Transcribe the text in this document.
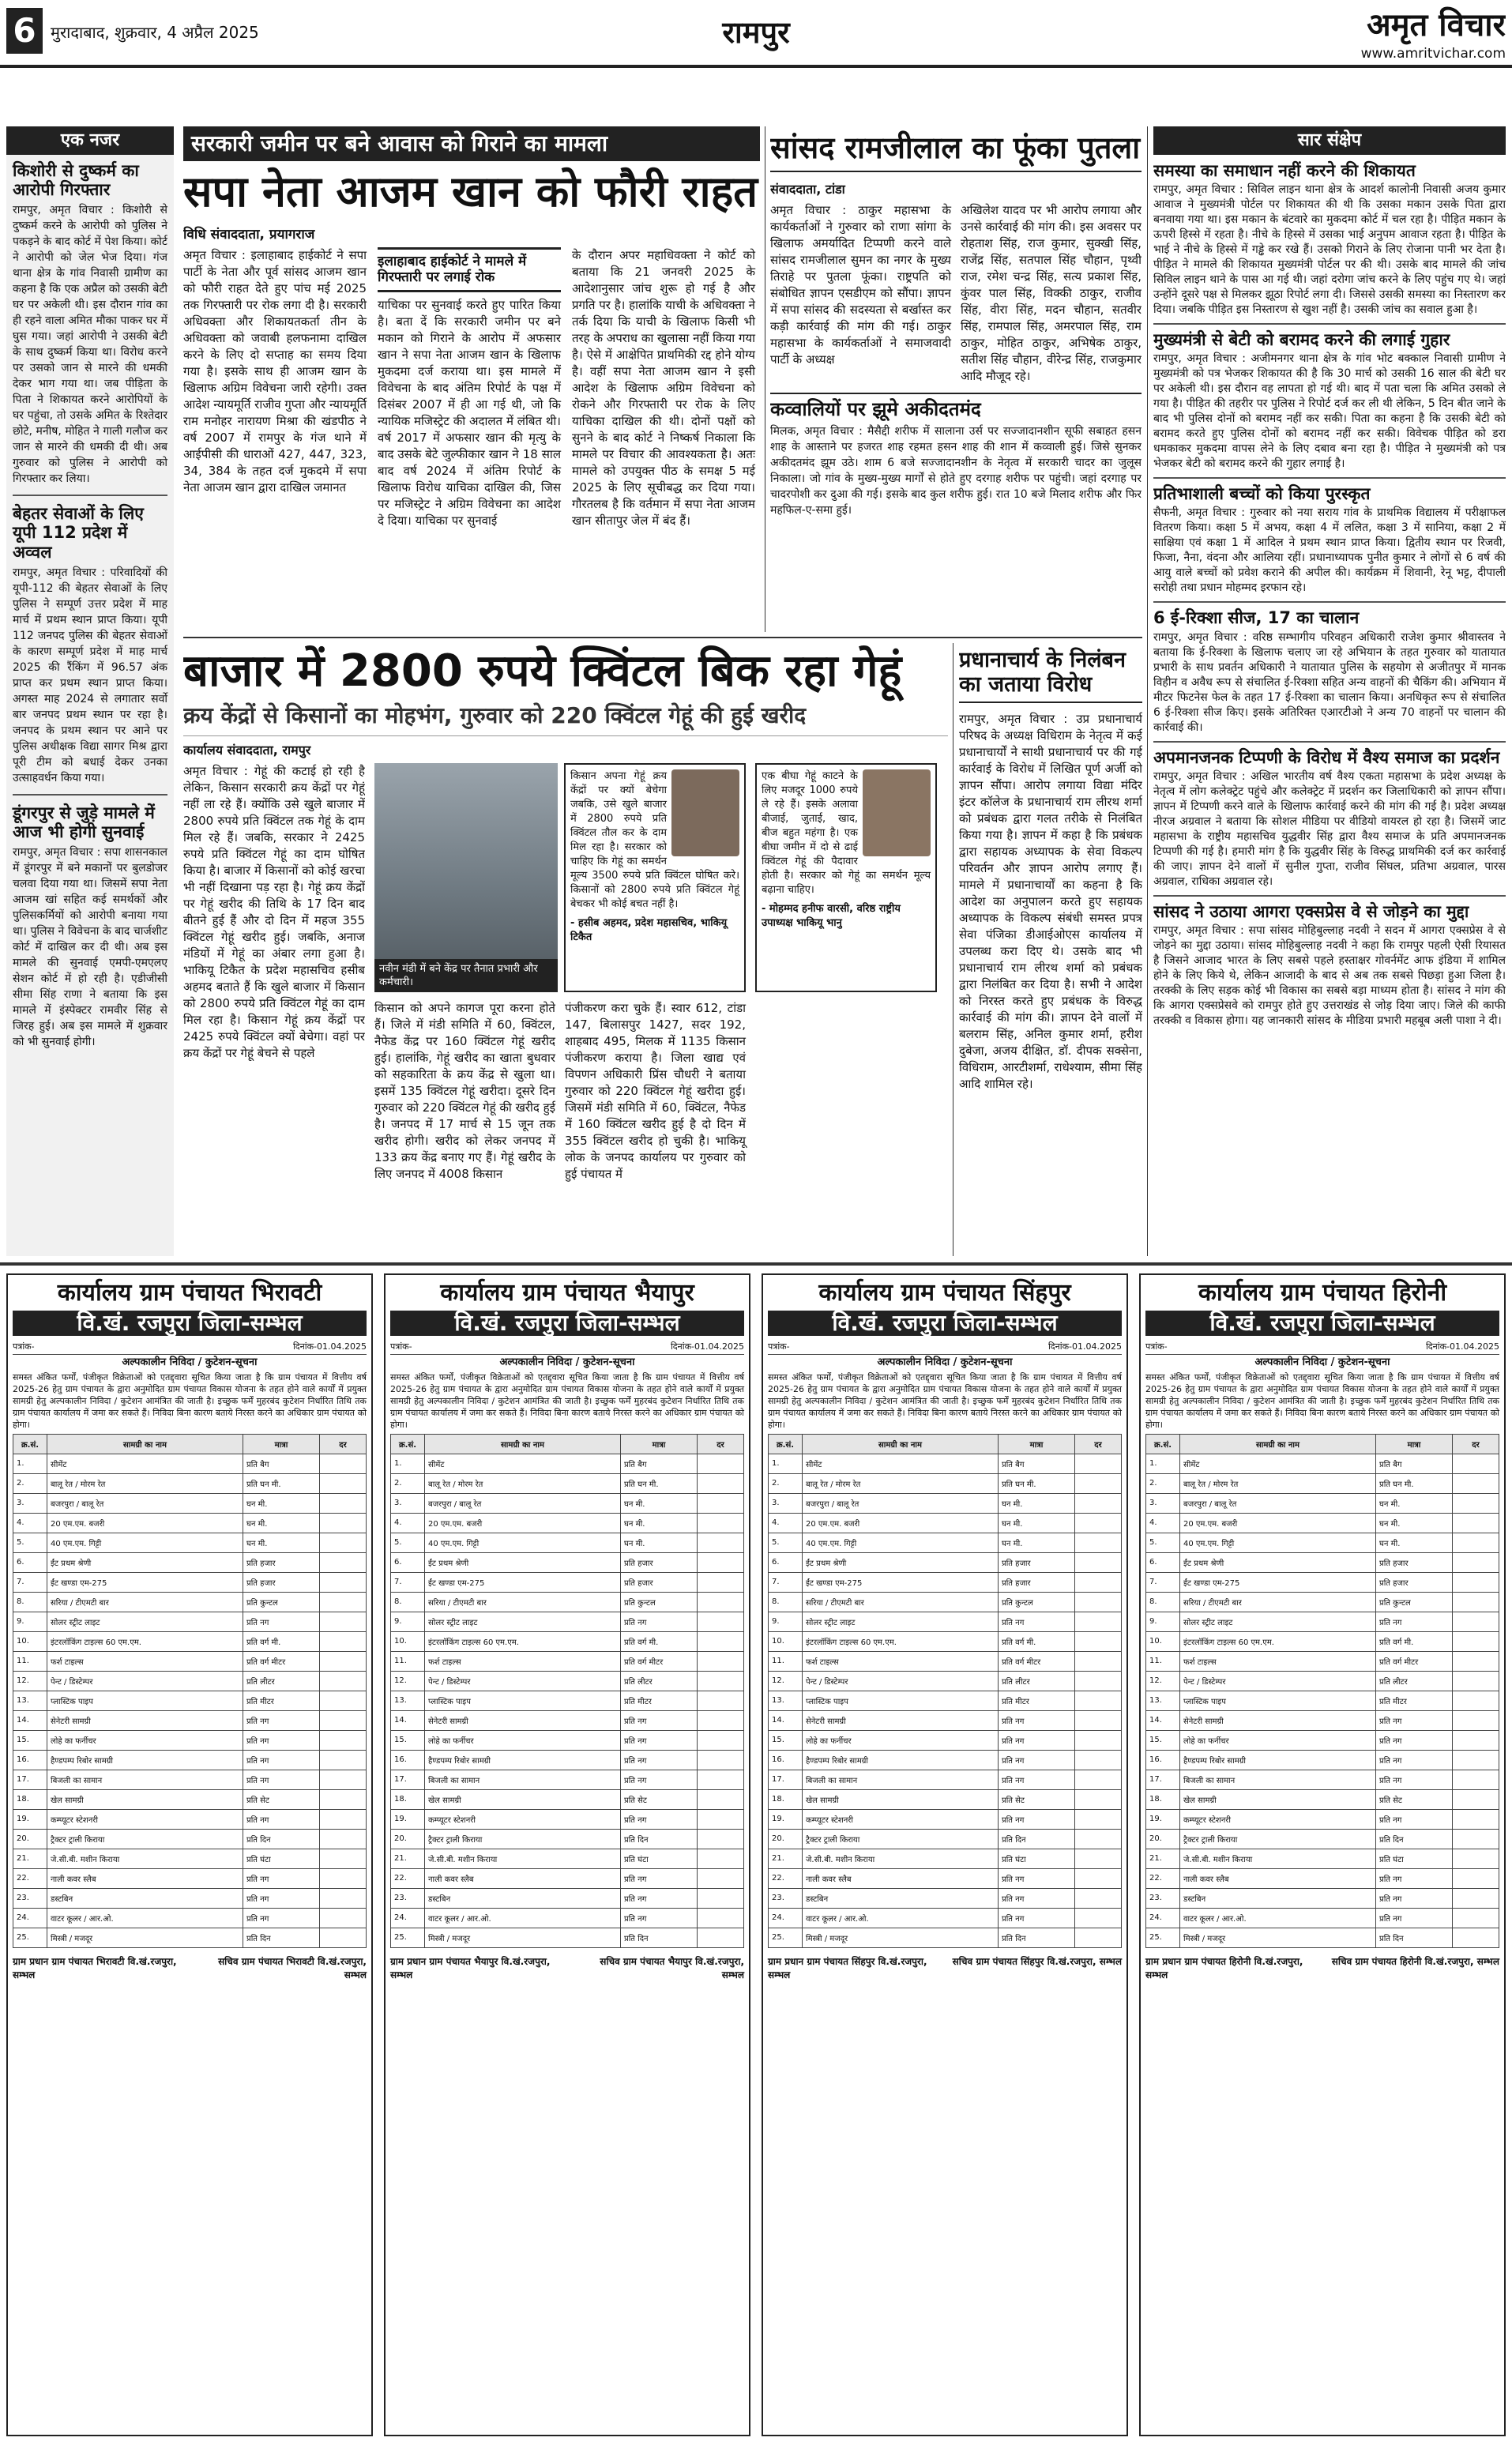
6 मुरादाबाद, शुक्रवार, 4 अप्रैल 2025	रामपुर	अमृत विचार
www.amritvichar.com
एक नजर
किशोरी से दुष्कर्म का आरोपी गिरफ्तार
रामपुर, अमृत विचार : किशोरी से दुष्कर्म करने के आरोपी को पुलिस ने पकड़ने के बाद कोर्ट में पेश किया। कोर्ट ने आरोपी को जेल भेज दिया। गंज थाना क्षेत्र के गांव निवासी ग्रामीण का कहना है कि एक अप्रैल को उसकी बेटी घर पर अकेली थी। इस दौरान गांव का ही रहने वाला अमित मौका पाकर घर में घुस गया। जहां आरोपी ने उसकी बेटी के साथ दुष्कर्म किया था। विरोध करने पर उसको जान से मारने की धमकी देकर भाग गया था। जब पीड़िता के पिता ने शिकायत करने आरोपियों के घर पहुंचा, तो उसके अमित के रिश्तेदार छोटे, मनीष, मोहित ने गाली गलौज कर जान से मारने की धमकी दी थी। अब गुरुवार को पुलिस ने आरोपी को गिरफ्तार कर लिया।
बेहतर सेवाओं के लिए यूपी 112 प्रदेश में अव्वल
रामपुर, अमृत विचार : परिवादियों की यूपी-112 की बेहतर सेवाओं के लिए पुलिस ने सम्पूर्ण उत्तर प्रदेश में माह मार्च में प्रथम स्थान प्राप्त किया। यूपी 112 जनपद पुलिस की बेहतर सेवाओं के कारण सम्पूर्ण प्रदेश में माह मार्च 2025 की रैंकिंग में 96.57 अंक प्राप्त कर प्रथम स्थान प्राप्त किया। अगस्त माह 2024 से लगातार सर्वो बार जनपद प्रथम स्थान पर रहा है। जनपद के प्रथम स्थान पर आने पर पुलिस अधीक्षक विद्या सागर मिश्र द्वारा पूरी टीम को बधाई देकर उनका उत्साहवर्धन किया गया।
डूंगरपुर से जुड़े मामले में आज भी होगी सुनवाई
रामपुर, अमृत विचार : सपा शासनकाल में डूंगरपुर में बने मकानों पर बुलडोजर चलवा दिया गया था। जिसमें सपा नेता आजम खां सहित कई समर्थकों और पुलिसकर्मियों को आरोपी बनाया गया था। पुलिस ने विवेचना के बाद चार्जशीट कोर्ट में दाखिल कर दी थी। अब इस मामले की सुनवाई एमपी-एमएलए सेशन कोर्ट में हो रही है। एडीजीसी सीमा सिंह राणा ने बताया कि इस मामले में इंस्पेक्टर रामवीर सिंह से जिरह हुई। अब इस मामले में शुक्रवार को भी सुनवाई होगी।
सरकारी जमीन पर बने आवास को गिराने का मामला
सपा नेता आजम खान को फौरी राहत
विधि संवाददाता, प्रयागराज
अमृत विचार : इलाहाबाद हाईकोर्ट ने सपा पार्टी के नेता और पूर्व सांसद आजम खान को फौरी राहत देते हुए पांच मई 2025 तक गिरफ्तारी पर रोक लगा दी है। सरकारी अधिवक्ता और शिकायतकर्ता तीन के अधिवक्ता को जवाबी हलफनामा दाखिल करने के लिए दो सप्ताह का समय दिया गया है। इसके साथ ही आजम खान के खिलाफ अग्रिम विवेचना जारी रहेगी। उक्त आदेश न्यायमूर्ति राजीव गुप्ता और न्यायमूर्ति राम मनोहर नारायण मिश्रा की खंडपीठ ने वर्ष 2007 में रामपुर के गंज थाने में आईपीसी की धाराओं 427, 447, 323, 34, 384 के तहत दर्ज मुकदमे में सपा नेता आजम खान द्वारा दाखिल जमानत
इलाहाबाद हाईकोर्ट ने मामले में गिरफ्तारी पर लगाई रोक
याचिका पर सुनवाई करते हुए पारित किया है। बता दें कि सरकारी जमीन पर बने मकान को गिराने के आरोप में अफसार खान ने सपा नेता आजम खान के खिलाफ मुकदमा दर्ज कराया था। इस मामले में विवेचना के बाद अंतिम रिपोर्ट के पक्ष में दिसंबर 2007 में ही आ गई थी, जो कि न्यायिक मजिस्ट्रेट की अदालत में लंबित थी। वर्ष 2017 में अफसार खान की मृत्यु के बाद उसके बेटे जुल्फीकार खान ने 18 साल बाद वर्ष 2024 में अंतिम रिपोर्ट के खिलाफ विरोध याचिका दाखिल की, जिस पर मजिस्ट्रेट ने अग्रिम विवेचना का आदेश दे दिया। याचिका पर सुनवाई
के दौरान अपर महाधिवक्ता ने कोर्ट को बताया कि 21 जनवरी 2025 के आदेशानुसार जांच शुरू हो गई है और प्रगति पर है। हालांकि याची के अधिवक्ता ने तर्क दिया कि याची के खिलाफ किसी भी तरह के अपराध का खुलासा नहीं किया गया है। ऐसे में आक्षेपित प्राथमिकी रद्द होने योग्य है। वहीं सपा नेता आजम खान ने इसी आदेश के खिलाफ अग्रिम विवेचना को रोकने और गिरफ्तारी पर रोक के लिए याचिका दाखिल की थी। दोनों पक्षों को सुनने के बाद कोर्ट ने निष्कर्ष निकाला कि मामले पर विचार की आवश्यकता है। अतः मामले को उपयुक्त पीठ के समक्ष 5 मई 2025 के लिए सूचीबद्ध कर दिया गया। गौरतलब है कि वर्तमान में सपा नेता आजम खान सीतापुर जेल में बंद हैं।
सांसद रामजीलाल का फूंका पुतला
संवाददाता, टांडा
अमृत विचार : ठाकुर महासभा के कार्यकर्ताओं ने गुरुवार को राणा सांगा के खिलाफ अमर्यादित टिप्पणी करने वाले सांसद रामजीलाल सुमन का नगर के मुख्य तिराहे पर पुतला फूंका। राष्ट्रपति को संबोधित ज्ञापन एसडीएम को सौंपा। ज्ञापन में सपा सांसद की सदस्यता से बर्खास्त कर कड़ी कार्रवाई की मांग की गई। ठाकुर महासभा के कार्यकर्ताओं ने समाजवादी पार्टी के अध्यक्ष
अखिलेश यादव पर भी आरोप लगाया और उनसे कार्रवाई की मांग की। इस अवसर पर रोहताश सिंह, राज कुमार, सुक्खी सिंह, राजेंद्र सिंह, सतपाल सिंह चौहान, पृथ्वी राज, रमेश चन्द्र सिंह, सत्य प्रकाश सिंह, कुंवर पाल सिंह, विक्की ठाकुर, राजीव सिंह, वीरा सिंह, मदन चौहान, सतवीर सिंह, रामपाल सिंह, अमरपाल सिंह, राम ठाकुर, मोहित ठाकुर, अभिषेक ठाकुर, सतीश सिंह चौहान, वीरेन्द्र सिंह, राजकुमार आदि मौजूद रहे।
कव्वालियों पर झूमे अकीदतमंद
मिलक, अमृत विचार : मैसैद्दी शरीफ में सालाना उर्स पर सज्जादानशीन सूफी सबाहत हसन शाह के आस्ताने पर हजरत शाह रहमत हसन शाह की शान में कव्वाली हुई। जिसे सुनकर अकीदतमंद झूम उठे। शाम 6 बजे सज्जादानशीन के नेतृत्व में सरकारी चादर का जुलूस निकाला। जो गांव के मुख्य-मुख्य मार्गों से होते हुए दरगाह शरीफ पर पहुंची। जहां दरगाह पर चादरपोशी कर दुआ की गई। इसके बाद कुल शरीफ हुई। रात 10 बजे मिलाद शरीफ और फिर महफिल-ए-समा हुई।
सार संक्षेप
समस्या का समाधान नहीं करने की शिकायत
रामपुर, अमृत विचार : सिविल लाइन थाना क्षेत्र के आदर्श कालोनी निवासी अजय कुमार आवाज ने मुख्यमंत्री पोर्टल पर शिकायत की थी कि उसका मकान उसके पिता द्वारा बनवाया गया था। इस मकान के बंटवारे का मुकदमा कोर्ट में चल रहा है। पीड़ित मकान के ऊपरी हिस्से में रहता है। नीचे के हिस्से में उसका भाई अनुपम आवाज रहता है। पीड़ित के भाई ने नीचे के हिस्से में गड्ढे कर रखे हैं। उसको गिराने के लिए रोजाना पानी भर देता है। पीड़ित ने मामले की शिकायत मुख्यमंत्री पोर्टल पर की थी। उसके बाद मामले की जांच सिविल लाइन थाने के पास आ गई थी। जहां दरोगा जांच करने के लिए पहुंच गए थे। जहां उन्होंने दूसरे पक्ष से मिलकर झूठा रिपोर्ट लगा दी। जिससे उसकी समस्या का निस्तारण कर दिया। जबकि पीड़ित इस निस्तारण से खुश नहीं है। उसकी जांच का सवाल हुआ है।
मुख्यमंत्री से बेटी को बरामद करने की लगाई गुहार
रामपुर, अमृत विचार : अजीमनगर थाना क्षेत्र के गांव भोट बक्काल निवासी ग्रामीण ने मुख्यमंत्री को पत्र भेजकर शिकायत की है कि 30 मार्च को उसकी 16 साल की बेटी घर पर अकेली थी। इस दौरान वह लापता हो गई थी। बाद में पता चला कि अमित उसको ले गया है। पीड़ित की तहरीर पर पुलिस ने रिपोर्ट दर्ज कर ली थी लेकिन, 5 दिन बीत जाने के बाद भी पुलिस दोनों को बरामद नहीं कर सकी। पिता का कहना है कि उसकी बेटी को बरामद करते हुए पुलिस दोनों को बरामद नहीं कर सकी। विवेचक पीड़ित को डरा धमकाकर मुकदमा वापस लेने के लिए दबाव बना रहा है। पीड़ित ने मुख्यमंत्री को पत्र भेजकर बेटी को बरामद करने की गुहार लगाई है।
प्रतिभाशाली बच्चों को किया पुरस्कृत
सैफनी, अमृत विचार : गुरुवार को नया सराय गांव के प्राथमिक विद्यालय में परीक्षाफल वितरण किया। कक्षा 5 में अभय, कक्षा 4 में ललित, कक्षा 3 में सानिया, कक्षा 2 में साक्षिया एवं कक्षा 1 में आदिल ने प्रथम स्थान प्राप्त किया। द्वितीय स्थान पर रिजवी, फिजा, नैना, वंदना और आलिया रहीं। प्रधानाध्यापक पुनीत कुमार ने लोगों से 6 वर्ष की आयु वाले बच्चों को प्रवेश कराने की अपील की। कार्यक्रम में शिवानी, रेनू भट्ट, दीपाली सरोही तथा प्रधान मोहम्मद इरफान रहे।
6 ई-रिक्शा सीज, 17 का चालान
रामपुर, अमृत विचार : वरिष्ठ सम्भागीय परिवहन अधिकारी राजेश कुमार श्रीवास्तव ने बताया कि ई-रिक्शा के खिलाफ चलाए जा रहे अभियान के तहत गुरुवार को यातायात प्रभारी के साथ प्रवर्तन अधिकारी ने यातायात पुलिस के सहयोग से अजीतपुर में मानक विहीन व अवैध रूप से संचालित ई-रिक्शा सहित अन्य वाहनों की चैकिंग की। अभियान में मीटर फिटनेस फेल के तहत 17 ई-रिक्शा का चालान किया। अनधिकृत रूप से संचालित 6 ई-रिक्शा सीज किए। इसके अतिरिक्त एआरटीओ ने अन्य 70 वाहनों पर चालान की कार्रवाई की।
अपमानजनक टिप्पणी के विरोध में वैश्य समाज का प्रदर्शन
रामपुर, अमृत विचार : अखिल भारतीय वर्ष वैश्य एकता महासभा के प्रदेश अध्यक्ष के नेतृत्व में लोग कलेक्ट्रेट पहुंचे और कलेक्ट्रेट में प्रदर्शन कर जिलाधिकारी को ज्ञापन सौंपा। ज्ञापन में टिप्पणी करने वाले के खिलाफ कार्रवाई करने की मांग की गई है। प्रदेश अध्यक्ष नीरज अग्रवाल ने बताया कि सोशल मीडिया पर वीडियो वायरल हो रहा है। जिसमें जाट महासभा के राष्ट्रीय महासचिव युद्धवीर सिंह द्वारा वैश्य समाज के प्रति अपमानजनक टिप्पणी की गई है। हमारी मांग है कि युद्धवीर सिंह के विरुद्ध प्राथमिकी दर्ज कर कार्रवाई की जाए। ज्ञापन देने वालों में सुनील गुप्ता, राजीव सिंघल, प्रतिभा अग्रवाल, पारस अग्रवाल, राधिका अग्रवाल रहे।
सांसद ने उठाया आगरा एक्सप्रेस वे से जोड़ने का मुद्दा
रामपुर, अमृत विचार : सपा सांसद मोहिबुल्लाह नदवी ने सदन में आगरा एक्सप्रेस वे से जोड़ने का मुद्दा उठाया। सांसद मोहिबुल्लाह नदवी ने कहा कि रामपुर पहली ऐसी रियासत है जिसने आजाद भारत के लिए सबसे पहले हस्ताक्षर गोवर्नमेंट आफ इंडिया में शामिल होने के लिए किये थे, लेकिन आजादी के बाद से अब तक सबसे पिछड़ा हुआ जिला है। तरक्की के लिए सड़क कोई भी विकास का सबसे बड़ा माध्यम होता है। सांसद ने मांग की कि आगरा एक्सप्रेसवे को रामपुर होते हुए उत्तराखंड से जोड़ दिया जाए। जिले की काफी तरक्की व विकास होगा। यह जानकारी सांसद के मीडिया प्रभारी महबूब अली पाशा ने दी।
बाजार में 2800 रुपये क्विंटल बिक रहा गेहूं
क्रय केंद्रों से किसानों का मोहभंग, गुरुवार को 220 क्विंटल गेहूं की हुई खरीद
कार्यालय संवाददाता, रामपुर
अमृत विचार : गेहूं की कटाई हो रही है लेकिन, किसान सरकारी क्रय केंद्रों पर गेहूं नहीं ला रहे हैं। क्योंकि उसे खुले बाजार में 2800 रुपये प्रति क्विंटल तक गेहूं के दाम मिल रहे हैं। जबकि, सरकार ने 2425 रुपये प्रति क्विंटल गेहूं का दाम घोषित किया है। बाजार में किसानों को कोई खरचा भी नहीं दिखाना पड़ रहा है। गेहूं क्रय केंद्रों पर गेहूं खरीद की तिथि के 17 दिन बाद बीतने हुई हैं और दो दिन में महज 355 क्विंटल गेहूं खरीद हुई। जबकि, अनाज मंडियों में गेहूं का अंबार लगा हुआ है। भाकियू टिकैत के प्रदेश महासचिव हसीब अहमद बताते हैं कि खुले बाजार में किसान को 2800 रुपये प्रति क्विंटल गेहूं का दाम मिल रहा है। किसान गेहूं क्रय केंद्रों पर 2425 रुपये क्विंटल क्यों बेचेगा। वहां पर क्रय केंद्रों पर गेहूं बेचने से पहले
नवीन मंडी में बने केंद्र पर तैनात प्रभारी और कर्मचारी।
किसान अपना गेहूं क्रय केंद्रों पर क्यों बेचेगा जबकि, उसे खुले बाजार में 2800 रुपये प्रति क्विंटल तौल कर के दाम मिल रहा है। सरकार को चाहिए कि गेहूं का समर्थन मूल्य 3500 रुपये प्रति क्विंटल घोषित करे। किसानों को 2800 रुपये प्रति क्विंटल गेहूं बेचकर भी कोई बचत नहीं है।
- हसीब अहमद, प्रदेश महासचिव, भाकियू टिकैत
किसान को अपने कागज पूरा करना होते हैं। जिले में मंडी समिति में 60, क्विंटल, नैफेड केंद्र पर 160 क्विंटल गेहूं खरीद हुई। हालांकि, गेहूं खरीद का खाता बुधवार को सहकारिता के क्रय केंद्र से खुला था। इसमें 135 क्विंटल गेहूं खरीदा। दूसरे दिन गुरुवार को 220 क्विंटल गेहूं की खरीद हुई है। जनपद में 17 मार्च से 15 जून तक खरीद होगी। खरीद को लेकर जनपद में 133 क्रय केंद्र बनाए गए हैं। गेहूं खरीद के लिए जनपद में 4008 किसान
पंजीकरण करा चुके हैं। स्वार 612, टांडा 147, बिलासपुर 1427, सदर 192, शाहबाद 495, मिलक में 1135 किसान पंजीकरण कराया है। जिला खाद्य एवं विपणन अधिकारी प्रिंस चौधरी ने बताया गुरुवार को 220 क्विंटल गेहूं खरीदा हुई। जिसमें मंडी समिति में 60, क्विंटल, नैफेड में 160 क्विंटल खरीद हुई है दो दिन में 355 क्विंटल खरीद हो चुकी है। भाकियू लोक के जनपद कार्यालय पर गुरुवार को हुई पंचायत में
एक बीघा गेहूं काटने के लिए मजदूर 1000 रुपये ले रहे हैं। इसके अलावा बीजाई, जुताई, खाद, बीज बहुत महंगा है। एक बीघा जमीन में दो से ढाई क्विंटल गेहूं की पैदावार होती है। सरकार को गेहूं का समर्थन मूल्य बढ़ाना चाहिए।
- मोहम्मद हनीफ वारसी, वरिष्ठ राष्ट्रीय उपाध्यक्ष भाकियू भानु
प्रधानाचार्य के निलंबन का जताया विरोध
रामपुर, अमृत विचार : उप्र प्रधानाचार्य परिषद के अध्यक्ष विधिराम के नेतृत्व में कई प्रधानाचार्यों ने साथी प्रधानाचार्य पर की गई कार्रवाई के विरोध में लिखित पूर्ण अर्जी को ज्ञापन सौंपा। आरोप लगाया विद्या मंदिर इंटर कॉलेज के प्रधानाचार्य राम लीरथ शर्मा को प्रबंधक द्वारा गलत तरीके से निलंबित किया गया है। ज्ञापन में कहा है कि प्रबंधक द्वारा सहायक अध्यापक के सेवा विकल्प परिवर्तन और ज्ञापन आरोप लगाए हैं। मामले में प्रधानाचार्यों का कहना है कि आदेश का अनुपालन करते हुए सहायक अध्यापक के विकल्प संबंधी समस्त प्रपत्र सेवा पंजिका डीआईओएस कार्यालय में उपलब्ध करा दिए थे। उसके बाद भी प्रधानाचार्य राम लीरथ शर्मा को प्रबंधक द्वारा निलंबित कर दिया है। सभी ने आदेश को निरस्त करते हुए प्रबंधक के विरुद्ध कार्रवाई की मांग की। ज्ञापन देने वालों में बलराम सिंह, अनिल कुमार शर्मा, हरीश दुबेजा, अजय दीक्षित, डॉ. दीपक सक्सेना, विधिराम, आरटीशर्मा, राधेश्याम, सीमा सिंह आदि शामिल रहे।
कार्यालय ग्राम पंचायत भिरावटी
वि.खं. रजपुरा जिला-सम्भल
पत्रांक-	दिनांक-01.04.2025
अल्पकालीन निविदा / कुटेशन-सूचना
समस्त अंकित फर्मों, पंजीकृत विक्रेताओं को एतद्द्वारा सूचित किया जाता है कि ग्राम पंचायत में वित्तीय वर्ष 2025-26 हेतु ग्राम पंचायत के द्वारा अनुमोदित ग्राम पंचायत विकास योजना के तहत होने वाले कार्यों में प्रयुक्त सामग्री हेतु अल्पकालीन निविदा / कुटेशन आमंत्रित की जाती है। इच्छुक फर्में मुहरबंद कुटेशन निर्धारित तिथि तक ग्राम पंचायत कार्यालय में जमा कर सकते हैं। निविदा बिना कारण बताये निरस्त करने का अधिकार ग्राम पंचायत को होगा।
क्र.सं.	सामग्री का नाम	मात्रा	दर
1.	सीमेंट	प्रति बैग	
2.	बालू रेत / मोरम रेत	प्रति घन मी.	
3.	बजरपुरा / बालू रेत	घन मी.	
4.	20 एम.एम. बजरी	घन मी.	
5.	40 एम.एम. गिट्टी	घन मी.	
6.	ईंट प्रथम श्रेणी	प्रति हजार	
7.	ईंट खण्डा एम-275	प्रति हजार	
8.	सरिया / टीएमटी बार	प्रति कुन्टल	
9.	सोलर स्ट्रीट लाइट	प्रति नग	
10.	इंटरलॉकिंग टाइल्स 60 एम.एम.	प्रति वर्ग मी.	
11.	फर्श टाइल्स	प्रति वर्ग मीटर	
12.	पेन्ट / डिस्टेम्पर	प्रति लीटर	
13.	प्लास्टिक पाइप	प्रति मीटर	
14.	सेनेटरी सामग्री	प्रति नग	
15.	लोहे का फर्नीचर	प्रति नग	
16.	हैण्डपम्प रिबोर सामग्री	प्रति नग	
17.	बिजली का सामान	प्रति नग	
18.	खेल सामग्री	प्रति सेट	
19.	कम्प्यूटर स्टेशनरी	प्रति नग	
20.	ट्रैक्टर ट्राली किराया	प्रति दिन	
21.	जे.सी.बी. मशीन किराया	प्रति घंटा	
22.	नाली कवर स्लैब	प्रति नग	
23.	डस्टबिन	प्रति नग	
24.	वाटर कूलर / आर.ओ.	प्रति नग	
25.	मिस्त्री / मजदूर	प्रति दिन	
ग्राम प्रधान ग्राम पंचायत भिरावटी वि.खं.रजपुरा, सम्भल
सचिव ग्राम पंचायत भिरावटी वि.खं.रजपुरा, सम्भल
कार्यालय ग्राम पंचायत भैयापुर
वि.खं. रजपुरा जिला-सम्भल
पत्रांक-	दिनांक-01.04.2025
अल्पकालीन निविदा / कुटेशन-सूचना
समस्त अंकित फर्मों, पंजीकृत विक्रेताओं को एतद्द्वारा सूचित किया जाता है कि ग्राम पंचायत में वित्तीय वर्ष 2025-26 हेतु ग्राम पंचायत के द्वारा अनुमोदित ग्राम पंचायत विकास योजना के तहत होने वाले कार्यों में प्रयुक्त सामग्री हेतु अल्पकालीन निविदा / कुटेशन आमंत्रित की जाती है। इच्छुक फर्में मुहरबंद कुटेशन निर्धारित तिथि तक ग्राम पंचायत कार्यालय में जमा कर सकते हैं। निविदा बिना कारण बताये निरस्त करने का अधिकार ग्राम पंचायत को होगा।
क्र.सं.	सामग्री का नाम	मात्रा	दर
1.	सीमेंट	प्रति बैग	
2.	बालू रेत / मोरम रेत	प्रति घन मी.	
3.	बजरपुरा / बालू रेत	घन मी.	
4.	20 एम.एम. बजरी	घन मी.	
5.	40 एम.एम. गिट्टी	घन मी.	
6.	ईंट प्रथम श्रेणी	प्रति हजार	
7.	ईंट खण्डा एम-275	प्रति हजार	
8.	सरिया / टीएमटी बार	प्रति कुन्टल	
9.	सोलर स्ट्रीट लाइट	प्रति नग	
10.	इंटरलॉकिंग टाइल्स 60 एम.एम.	प्रति वर्ग मी.	
11.	फर्श टाइल्स	प्रति वर्ग मीटर	
12.	पेन्ट / डिस्टेम्पर	प्रति लीटर	
13.	प्लास्टिक पाइप	प्रति मीटर	
14.	सेनेटरी सामग्री	प्रति नग	
15.	लोहे का फर्नीचर	प्रति नग	
16.	हैण्डपम्प रिबोर सामग्री	प्रति नग	
17.	बिजली का सामान	प्रति नग	
18.	खेल सामग्री	प्रति सेट	
19.	कम्प्यूटर स्टेशनरी	प्रति नग	
20.	ट्रैक्टर ट्राली किराया	प्रति दिन	
21.	जे.सी.बी. मशीन किराया	प्रति घंटा	
22.	नाली कवर स्लैब	प्रति नग	
23.	डस्टबिन	प्रति नग	
24.	वाटर कूलर / आर.ओ.	प्रति नग	
25.	मिस्त्री / मजदूर	प्रति दिन	
ग्राम प्रधान ग्राम पंचायत भैयापुर वि.खं.रजपुरा, सम्भल
सचिव ग्राम पंचायत भैयापुर वि.खं.रजपुरा, सम्भल
कार्यालय ग्राम पंचायत सिंहपुर
वि.खं. रजपुरा जिला-सम्भल
पत्रांक-	दिनांक-01.04.2025
अल्पकालीन निविदा / कुटेशन-सूचना
समस्त अंकित फर्मों, पंजीकृत विक्रेताओं को एतद्द्वारा सूचित किया जाता है कि ग्राम पंचायत में वित्तीय वर्ष 2025-26 हेतु ग्राम पंचायत के द्वारा अनुमोदित ग्राम पंचायत विकास योजना के तहत होने वाले कार्यों में प्रयुक्त सामग्री हेतु अल्पकालीन निविदा / कुटेशन आमंत्रित की जाती है। इच्छुक फर्में मुहरबंद कुटेशन निर्धारित तिथि तक ग्राम पंचायत कार्यालय में जमा कर सकते हैं। निविदा बिना कारण बताये निरस्त करने का अधिकार ग्राम पंचायत को होगा।
क्र.सं.	सामग्री का नाम	मात्रा	दर
1.	सीमेंट	प्रति बैग	
2.	बालू रेत / मोरम रेत	प्रति घन मी.	
3.	बजरपुरा / बालू रेत	घन मी.	
4.	20 एम.एम. बजरी	घन मी.	
5.	40 एम.एम. गिट्टी	घन मी.	
6.	ईंट प्रथम श्रेणी	प्रति हजार	
7.	ईंट खण्डा एम-275	प्रति हजार	
8.	सरिया / टीएमटी बार	प्रति कुन्टल	
9.	सोलर स्ट्रीट लाइट	प्रति नग	
10.	इंटरलॉकिंग टाइल्स 60 एम.एम.	प्रति वर्ग मी.	
11.	फर्श टाइल्स	प्रति वर्ग मीटर	
12.	पेन्ट / डिस्टेम्पर	प्रति लीटर	
13.	प्लास्टिक पाइप	प्रति मीटर	
14.	सेनेटरी सामग्री	प्रति नग	
15.	लोहे का फर्नीचर	प्रति नग	
16.	हैण्डपम्प रिबोर सामग्री	प्रति नग	
17.	बिजली का सामान	प्रति नग	
18.	खेल सामग्री	प्रति सेट	
19.	कम्प्यूटर स्टेशनरी	प्रति नग	
20.	ट्रैक्टर ट्राली किराया	प्रति दिन	
21.	जे.सी.बी. मशीन किराया	प्रति घंटा	
22.	नाली कवर स्लैब	प्रति नग	
23.	डस्टबिन	प्रति नग	
24.	वाटर कूलर / आर.ओ.	प्रति नग	
25.	मिस्त्री / मजदूर	प्रति दिन	
ग्राम प्रधान ग्राम पंचायत सिंहपुर वि.खं.रजपुरा, सम्भल
सचिव ग्राम पंचायत सिंहपुर वि.खं.रजपुरा, सम्भल
कार्यालय ग्राम पंचायत हिरोनी
वि.खं. रजपुरा जिला-सम्भल
पत्रांक-	दिनांक-01.04.2025
अल्पकालीन निविदा / कुटेशन-सूचना
समस्त अंकित फर्मों, पंजीकृत विक्रेताओं को एतद्द्वारा सूचित किया जाता है कि ग्राम पंचायत में वित्तीय वर्ष 2025-26 हेतु ग्राम पंचायत के द्वारा अनुमोदित ग्राम पंचायत विकास योजना के तहत होने वाले कार्यों में प्रयुक्त सामग्री हेतु अल्पकालीन निविदा / कुटेशन आमंत्रित की जाती है। इच्छुक फर्में मुहरबंद कुटेशन निर्धारित तिथि तक ग्राम पंचायत कार्यालय में जमा कर सकते हैं। निविदा बिना कारण बताये निरस्त करने का अधिकार ग्राम पंचायत को होगा।
क्र.सं.	सामग्री का नाम	मात्रा	दर
1.	सीमेंट	प्रति बैग	
2.	बालू रेत / मोरम रेत	प्रति घन मी.	
3.	बजरपुरा / बालू रेत	घन मी.	
4.	20 एम.एम. बजरी	घन मी.	
5.	40 एम.एम. गिट्टी	घन मी.	
6.	ईंट प्रथम श्रेणी	प्रति हजार	
7.	ईंट खण्डा एम-275	प्रति हजार	
8.	सरिया / टीएमटी बार	प्रति कुन्टल	
9.	सोलर स्ट्रीट लाइट	प्रति नग	
10.	इंटरलॉकिंग टाइल्स 60 एम.एम.	प्रति वर्ग मी.	
11.	फर्श टाइल्स	प्रति वर्ग मीटर	
12.	पेन्ट / डिस्टेम्पर	प्रति लीटर	
13.	प्लास्टिक पाइप	प्रति मीटर	
14.	सेनेटरी सामग्री	प्रति नग	
15.	लोहे का फर्नीचर	प्रति नग	
16.	हैण्डपम्प रिबोर सामग्री	प्रति नग	
17.	बिजली का सामान	प्रति नग	
18.	खेल सामग्री	प्रति सेट	
19.	कम्प्यूटर स्टेशनरी	प्रति नग	
20.	ट्रैक्टर ट्राली किराया	प्रति दिन	
21.	जे.सी.बी. मशीन किराया	प्रति घंटा	
22.	नाली कवर स्लैब	प्रति नग	
23.	डस्टबिन	प्रति नग	
24.	वाटर कूलर / आर.ओ.	प्रति नग	
25.	मिस्त्री / मजदूर	प्रति दिन	
ग्राम प्रधान ग्राम पंचायत हिरोनी वि.खं.रजपुरा, सम्भल
सचिव ग्राम पंचायत हिरोनी वि.खं.रजपुरा, सम्भल
